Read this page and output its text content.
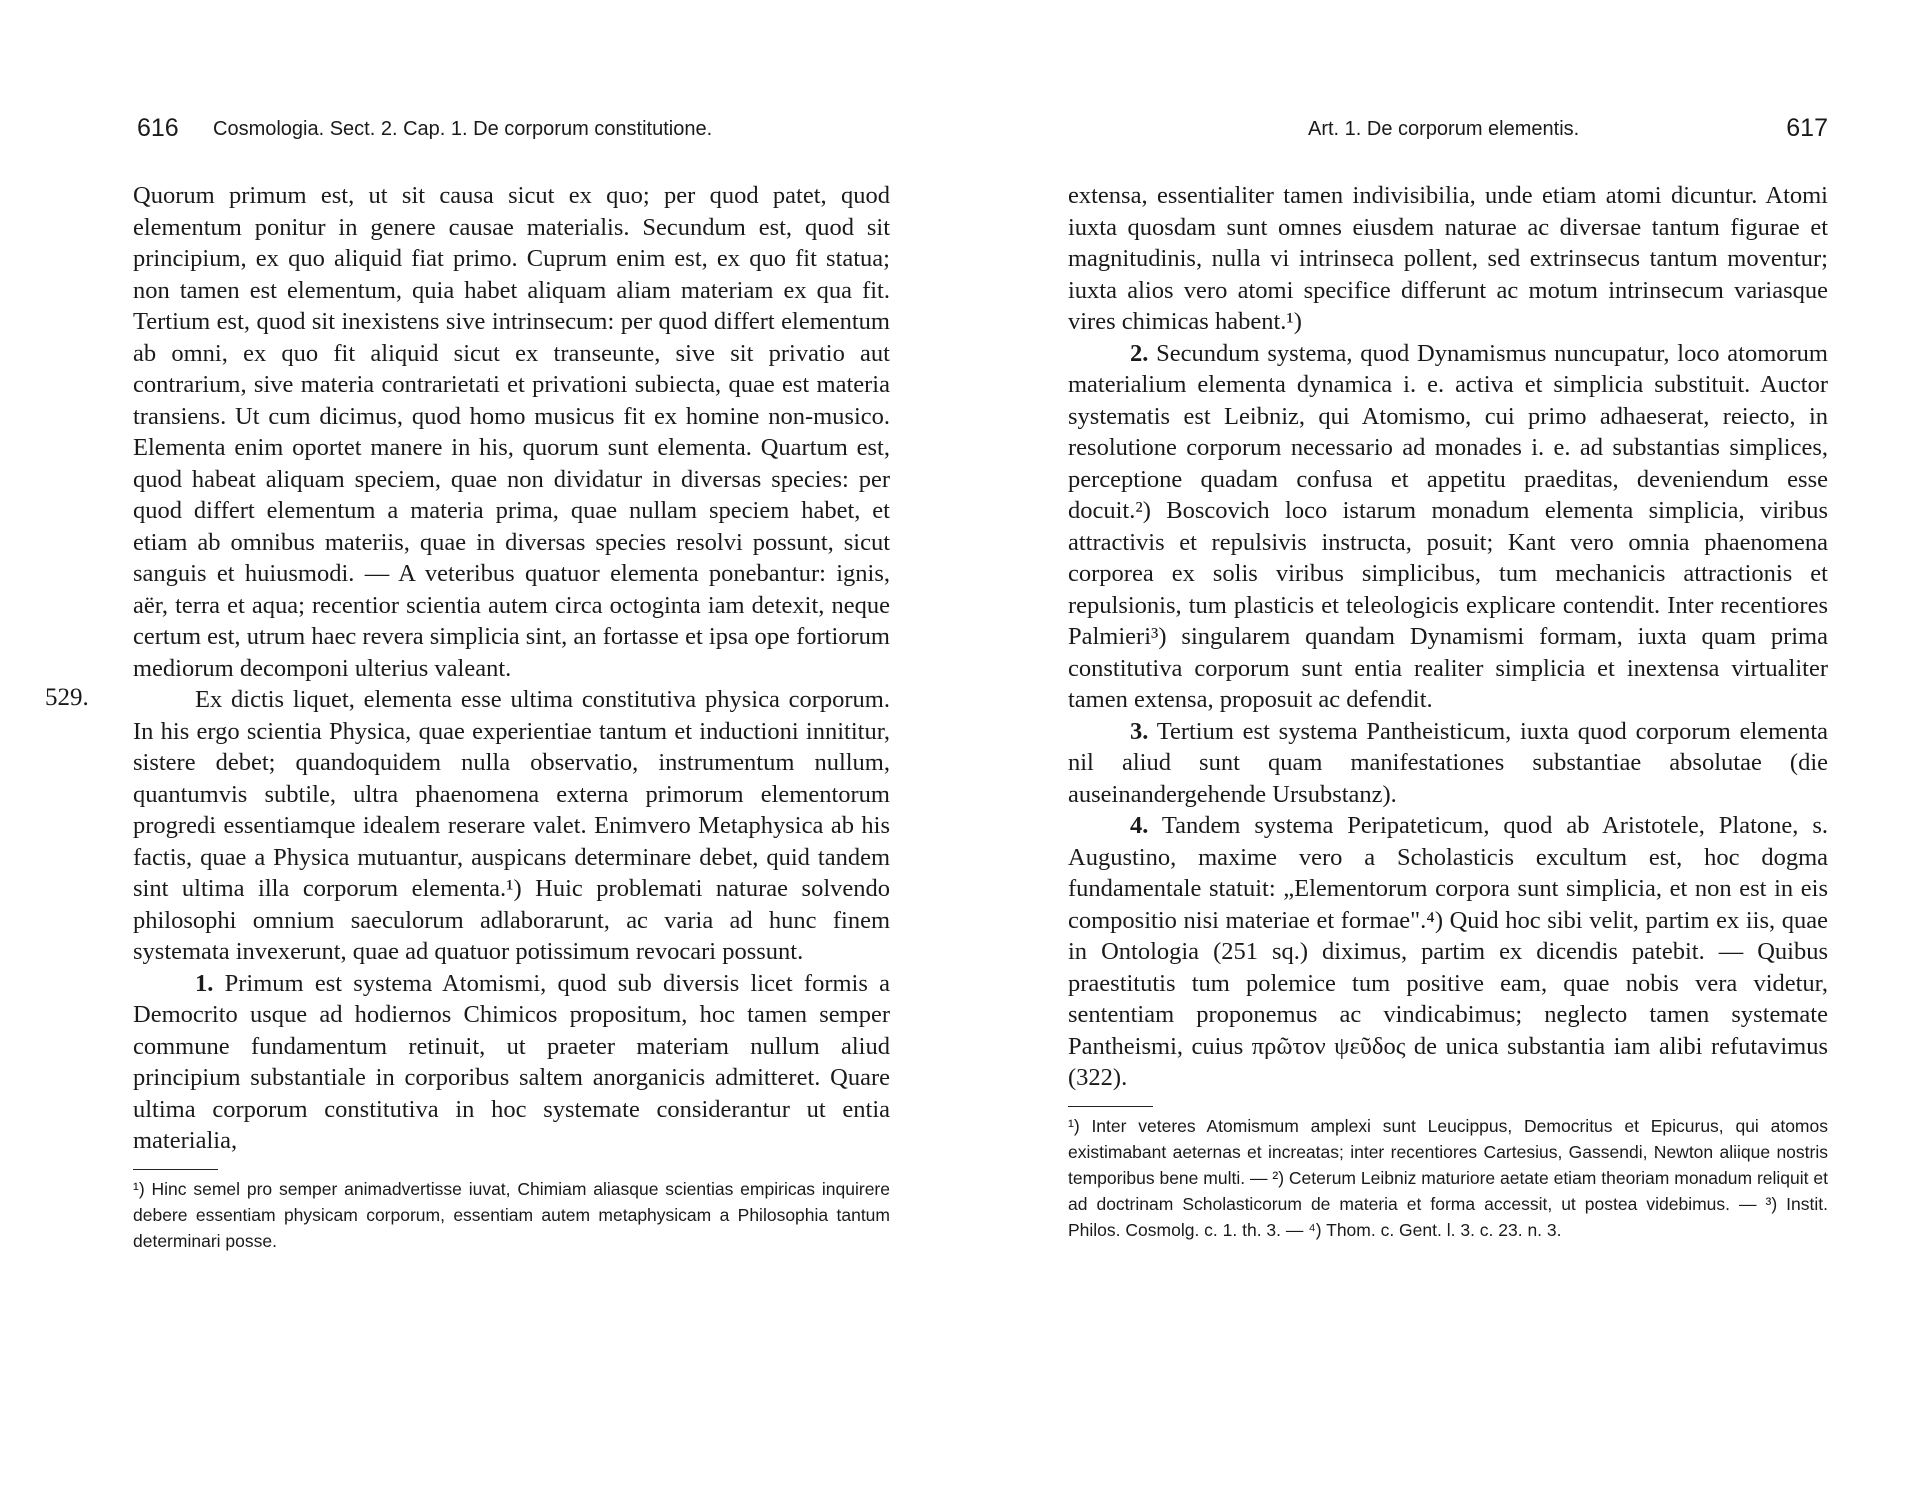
616 Cosmologia. Sect. 2. Cap. 1. De corporum constitutione.

Quorum primum est, ut sit causa sicut ex quo; per quod patet, quod elementum ponitur in genere causae materialis. Secundum est, quod sit principium, ex quo aliquid fiat primo. Cuprum enim est, ex quo fit statua; non tamen est elementum, quia habet aliquam aliam materiam ex qua fit. Tertium est, quod sit inexistens sive intrinsecum: per quod differt elementum ab omni, ex quo fit aliquid sicut ex transeunte, sive sit privatio aut contrarium, sive materia contrarietati et privationi subiecta, quae est materia transiens. Ut cum dicimus, quod homo musicus fit ex homine non-musico. Elementa enim oportet manere in his, quorum sunt elementa. Quartum est, quod habeat aliquam speciem, quae non dividatur in diversas species: per quod differt elementum a materia prima, quae nullam speciem habet, et etiam ab omnibus materiis, quae in diversas species resolvi possunt, sicut sanguis et huiusmodi. — A veteribus quatuor elementa ponebantur: ignis, aër, terra et aqua; recentior scientia autem circa octoginta iam detexit, neque certum est, utrum haec revera simplicia sint, an fortasse et ipsa ope fortiorum mediorum decomponi ulterius valeant.

529.	Ex dictis liquet, elementa esse ultima constitutiva physica corporum. In his ergo scientia Physica, quae experientiae tantum et inductioni innititur, sistere debet; quandoquidem nulla observatio, instrumentum nullum, quantumvis subtile, ultra phaenomena externa primorum elementorum progredi essentiamque idealem reserare valet. Enimvero Metaphysica ab his factis, quae a Physica mutuantur, auspicans determinare debet, quid tandem sint ultima illa corporum elementa.¹) Huic problemati naturae solvendo philosophi omnium saeculorum adlaborarunt, ac varia ad hunc finem systemata invexerunt, quae ad quatuor potissimum revocari possunt.

1. Primum est systema Atomismi, quod sub diversis licet formis a Democrito usque ad hodiernos Chimicos propositum, hoc tamen semper commune fundamentum retinuit, ut praeter materiam nullum aliud principium substantiale in corporibus saltem anorganicis admitteret. Quare ultima corporum constitutiva in hoc systemate considerantur ut entia materialia,

¹) Hinc semel pro semper animadvertisse iuvat, Chimiam aliasque scientias empiricas inquirere debere essentiam physicam corporum, essentiam autem metaphysicam a Philosophia tantum determinari posse.

Art. 1. De corporum elementis.	617

extensa, essentialiter tamen indivisibilia, unde etiam atomi dicuntur. Atomi iuxta quosdam sunt omnes eiusdem naturae ac diversae tantum figurae et magnitudinis, nulla vi intrinseca pollent, sed extrinsecus tantum moventur; iuxta alios vero atomi specifice differunt ac motum intrinsecum variasque vires chimicas habent.¹)

2. Secundum systema, quod Dynamismus nuncupatur, loco atomorum materialium elementa dynamica i. e. activa et simplicia substituit. Auctor systematis est Leibniz, qui Atomismo, cui primo adhaeserat, reiecto, in resolutione corporum necessario ad monades i. e. ad substantias simplices, perceptione quadam confusa et appetitu praeditas, deveniendum esse docuit.²) Boscovich loco istarum monadum elementa simplicia, viribus attractivis et repulsivis instructa, posuit; Kant vero omnia phaenomena corporea ex solis viribus simplicibus, tum mechanicis attractionis et repulsionis, tum plasticis et teleologicis explicare contendit. Inter recentiores Palmieri³) singularem quandam Dynamismi formam, iuxta quam prima constitutiva corporum sunt entia realiter simplicia et inextensa virtualiter tamen extensa, proposuit ac defendit.

3. Tertium est systema Pantheisticum, iuxta quod corporum elementa nil aliud sunt quam manifestationes substantiae absolutae (die auseinandergehende Ursubstanz).

4. Tandem systema Peripateticum, quod ab Aristotele, Platone, s. Augustino, maxime vero a Scholasticis excultum est, hoc dogma fundamentale statuit: „Elementorum corpora sunt simplicia, et non est in eis compositio nisi materiae et formae".⁴) Quid hoc sibi velit, partim ex iis, quae in Ontologia (251 sq.) diximus, partim ex dicendis patebit. — Quibus praestitutis tum polemice tum positive eam, quae nobis vera videtur, sententiam proponemus ac vindicabimus; neglecto tamen systemate Pantheismi, cuius πρῶτον ψεῦδος de unica substantia iam alibi refutavimus (322).

¹) Inter veteres Atomismum amplexi sunt Leucippus, Democritus et Epicurus, qui atomos existimabant aeternas et increatas; inter recentiores Cartesius, Gassendi, Newton aliique nostris temporibus bene multi. — ²) Ceterum Leibniz maturiore aetate etiam theoriam monadum reliquit et ad doctrinam Scholasticorum de materia et forma accessit, ut postea videbimus. — ³) Instit. Philos. Cosmolg. c. 1. th. 3. — ⁴) Thom. c. Gent. l. 3. c. 23. n. 3.
